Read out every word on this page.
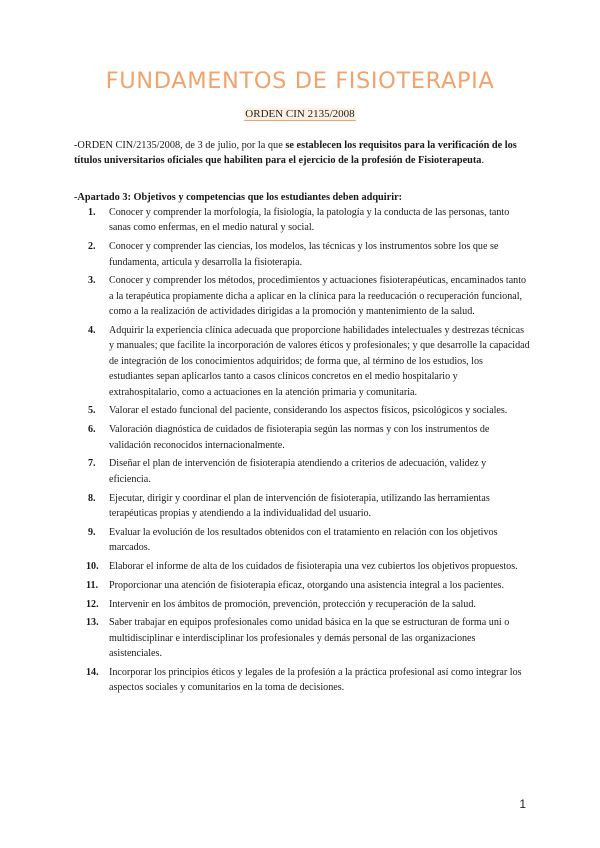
FUNDAMENTOS DE FISIOTERAPIA
ORDEN CIN 2135/2008

-ORDEN CIN/2135/2008, de 3 de julio, por la que se establecen los requisitos para la verificación de los títulos universitarios oficiales que habiliten para el ejercicio de la profesión de Fisioterapeuta.

-Apartado 3: Objetivos y competencias que los estudiantes deben adquirir:

1. Conocer y comprender la morfología, la fisiología, la patología y la conducta de las personas, tanto sanas como enfermas, en el medio natural y social.
2. Conocer y comprender las ciencias, los modelos, las técnicas y los instrumentos sobre los que se fundamenta, articula y desarrolla la fisioterapia.
3. Conocer y comprender los métodos, procedimientos y actuaciones fisioterapéuticas, encaminados tanto a la terapéutica propiamente dicha a aplicar en la clínica para la reeducación o recuperación funcional, como a la realización de actividades dirigidas a la promoción y mantenimiento de la salud.
4. Adquirir la experiencia clínica adecuada que proporcione habilidades intelectuales y destrezas técnicas y manuales; que facilite la incorporación de valores éticos y profesionales; y que desarrolle la capacidad de integración de los conocimientos adquiridos; de forma que, al término de los estudios, los estudiantes sepan aplicarlos tanto a casos clínicos concretos en el medio hospitalario y extrahospitalario, como a actuaciones en la atención primaria y comunitaria.
5. Valorar el estado funcional del paciente, considerando los aspectos físicos, psicológicos y sociales.
6. Valoración diagnóstica de cuidados de fisioterapia según las normas y con los instrumentos de validación reconocidos internacionalmente.
7. Diseñar el plan de intervención de fisioterapia atendiendo a criterios de adecuación, validez y eficiencia.
8. Ejecutar, dirigir y coordinar el plan de intervención de fisioterapia, utilizando las herramientas terapéuticas propias y atendiendo a la individualidad del usuario.
9. Evaluar la evolución de los resultados obtenidos con el tratamiento en relación con los objetivos marcados.
10. Elaborar el informe de alta de los cuidados de fisioterapia una vez cubiertos los objetivos propuestos.
11. Proporcionar una atención de fisioterapia eficaz, otorgando una asistencia integral a los pacientes.
12. Intervenir en los ámbitos de promoción, prevención, protección y recuperación de la salud.
13. Saber trabajar en equipos profesionales como unidad básica en la que se estructuran de forma uni o multidisciplinar e interdisciplinar los profesionales y demás personal de las organizaciones asistenciales.
14. Incorporar los principios éticos y legales de la profesión a la práctica profesional así como integrar los aspectos sociales y comunitarios en la toma de decisiones.
1
